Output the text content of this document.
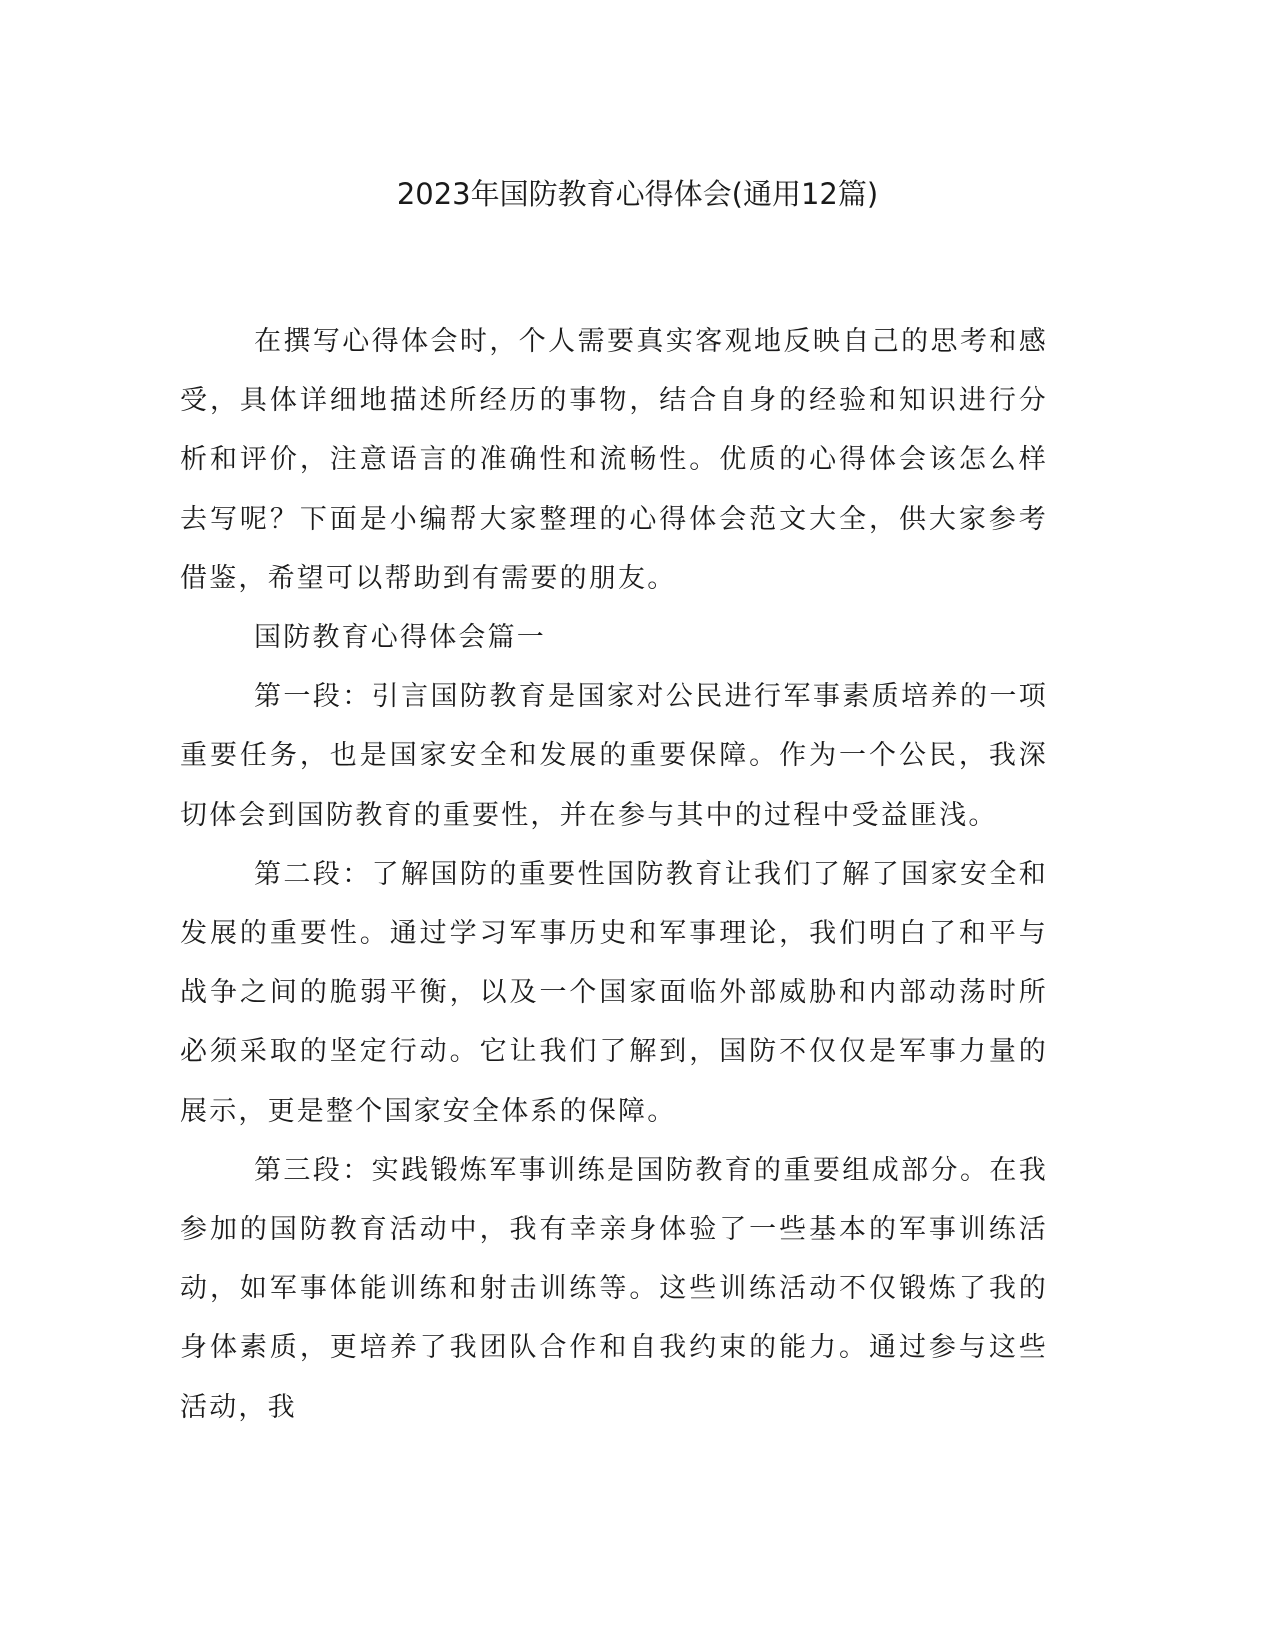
2023年国防教育心得体会(通用12篇)

在撰写心得体会时，个人需要真实客观地反映自己的思考和感受，具体详细地描述所经历的事物，结合自身的经验和知识进行分析和评价，注意语言的准确性和流畅性。优质的心得体会该怎么样去写呢？下面是小编帮大家整理的心得体会范文大全，供大家参考借鉴，希望可以帮助到有需要的朋友。

国防教育心得体会篇一

第一段：引言国防教育是国家对公民进行军事素质培养的一项重要任务，也是国家安全和发展的重要保障。作为一个公民，我深切体会到国防教育的重要性，并在参与其中的过程中受益匪浅。

第二段：了解国防的重要性国防教育让我们了解了国家安全和发展的重要性。通过学习军事历史和军事理论，我们明白了和平与战争之间的脆弱平衡，以及一个国家面临外部威胁和内部动荡时所必须采取的坚定行动。它让我们了解到，国防不仅仅是军事力量的展示，更是整个国家安全体系的保障。

第三段：实践锻炼军事训练是国防教育的重要组成部分。在我参加的国防教育活动中，我有幸亲身体验了一些基本的军事训练活动，如军事体能训练和射击训练等。这些训练活动不仅锻炼了我的身体素质，更培养了我团队合作和自我约束的能力。通过参与这些活动，我
